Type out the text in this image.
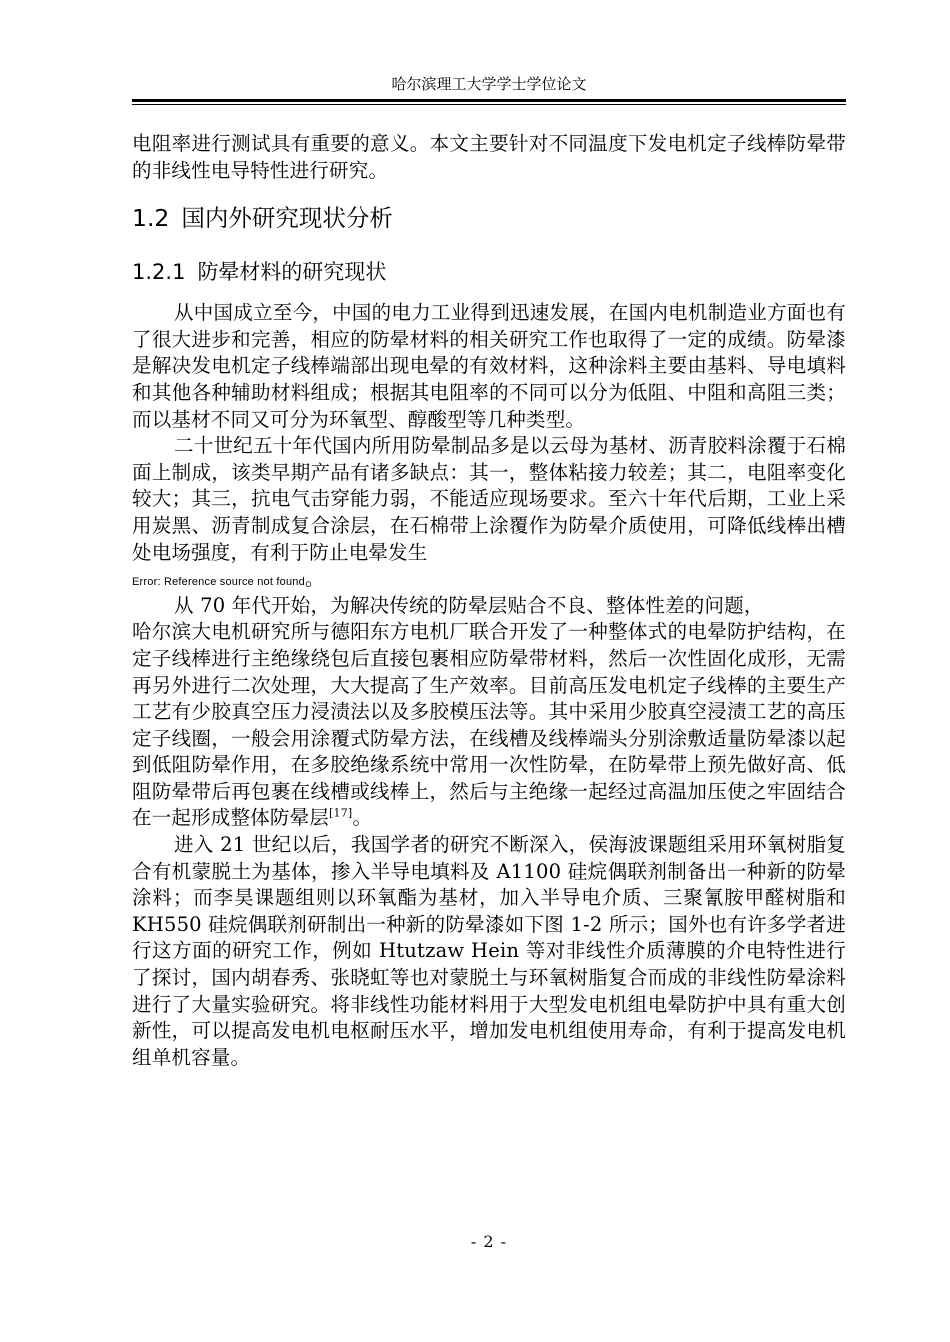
哈尔滨理工大学学士学位论文

电阻率进行测试具有重要的意义。本文主要针对不同温度下发电机定子线棒防晕带的非线性电导特性进行研究。

1.2 国内外研究现状分析
1.2.1 防晕材料的研究现状

从中国成立至今，中国的电力工业得到迅速发展，在国内电机制造业方面也有了很大进步和完善，相应的防晕材料的相关研究工作也取得了一定的成绩。防晕漆是解决发电机定子线棒端部出现电晕的有效材料，这种涂料主要由基料、导电填料和其他各种辅助材料组成；根据其电阻率的不同可以分为低阻、中阻和高阻三类；而以基材不同又可分为环氧型、醇酸型等几种类型。

二十世纪五十年代国内所用防晕制品多是以云母为基材、沥青胶料涂覆于石棉面上制成，该类早期产品有诸多缺点：其一，整体粘接力较差；其二，电阻率变化较大；其三，抗电气击穿能力弱，不能适应现场要求。至六十年代后期，工业上采用炭黑、沥青制成复合涂层，在石棉带上涂覆作为防晕介质使用，可降低线棒出槽处电场强度，有利于防止电晕发生
Error: Reference source not found。

从 70 年代开始，为解决传统的防晕层贴合不良、整体性差的问题，
哈尔滨大电机研究所与德阳东方电机厂联合开发了一种整体式的电晕防护结构，在定子线棒进行主绝缘绕包后直接包裹相应防晕带材料，然后一次性固化成形，无需再另外进行二次处理，大大提高了生产效率。目前高压发电机定子线棒的主要生产工艺有少胶真空压力浸渍法以及多胶模压法等。其中采用少胶真空浸渍工艺的高压定子线圈，一般会用涂覆式防晕方法，在线槽及线棒端头分别涂敷适量防晕漆以起到低阻防晕作用，在多胶绝缘系统中常用一次性防晕，在防晕带上预先做好高、低阻防晕带后再包裹在线槽或线棒上，然后与主绝缘一起经过高温加压使之牢固结合在一起形成整体防晕层[17]。

进入 21 世纪以后，我国学者的研究不断深入，侯海波课题组采用环氧树脂复合有机蒙脱土为基体，掺入半导电填料及 A1100 硅烷偶联剂制备出一种新的防晕涂料；而李昊课题组则以环氧酯为基材，加入半导电介质、三聚氰胺甲醛树脂和 KH550 硅烷偶联剂研制出一种新的防晕漆如下图 1-2 所示；国外也有许多学者进行这方面的研究工作，例如 Htutzaw Hein 等对非线性介质薄膜的介电特性进行了探讨，国内胡春秀、张晓虹等也对蒙脱土与环氧树脂复合而成的非线性防晕涂料进行了大量实验研究。将非线性功能材料用于大型发电机组电晕防护中具有重大创新性，可以提高发电机电枢耐压水平，增加发电机组使用寿命，有利于提高发电机组单机容量。

- 2 -
